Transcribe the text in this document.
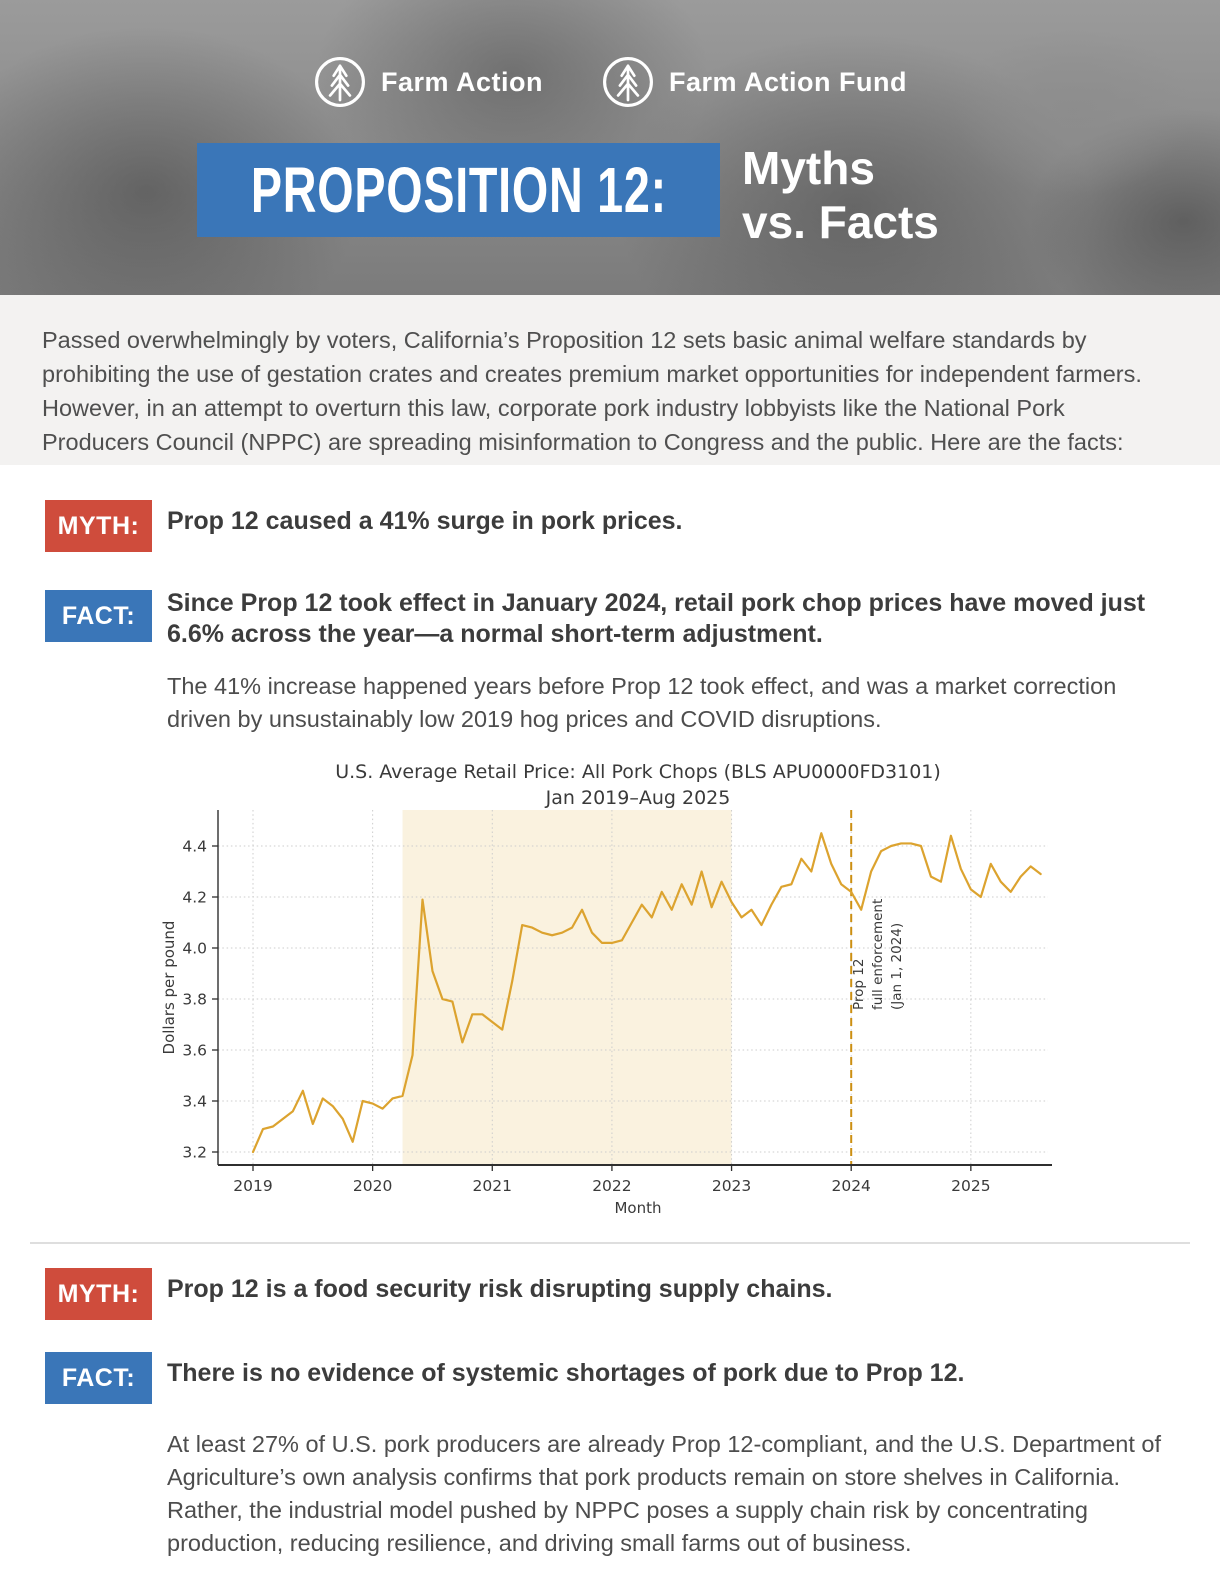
Farm Action	Farm Action Fund
PROPOSITION 12: Myths
vs. Facts

Passed overwhelmingly by voters, California’s Proposition 12 sets basic animal welfare standards by prohibiting the use of gestation crates and creates premium market opportunities for independent farmers. However, in an attempt to overturn this law, corporate pork industry lobbyists like the National Pork Producers Council (NPPC) are spreading misinformation to Congress and the public. Here are the facts:

MYTH: Prop 12 caused a 41% surge in pork prices.

FACT: Since Prop 12 took effect in January 2024, retail pork chop prices have moved just 6.6% across the year—a normal short-term adjustment.

The 41% increase happened years before Prop 12 took effect, and was a market correction driven by unsustainably low 2019 hog prices and COVID disruptions.

3.2
3.4
3.6
3.8
4.0
4.2
4.4
2019	2020	2021	2022	2023	2024	2025
U.S. Average Retail Price: All Pork Chops (BLS APU0000FD3101)
Jan 2019–Aug 2025
Month
Dollars per pound	Prop 12 full enforcement (Jan 1, 2024)
MYTH: Prop 12 is a food security risk disrupting supply chains.

FACT: There is no evidence of systemic shortages of pork due to Prop 12.

At least 27% of U.S. pork producers are already Prop 12-compliant, and the U.S. Department of Agriculture’s own analysis confirms that pork products remain on store shelves in California. Rather, the industrial model pushed by NPPC poses a supply chain risk by concentrating production, reducing resilience, and driving small farms out of business.
